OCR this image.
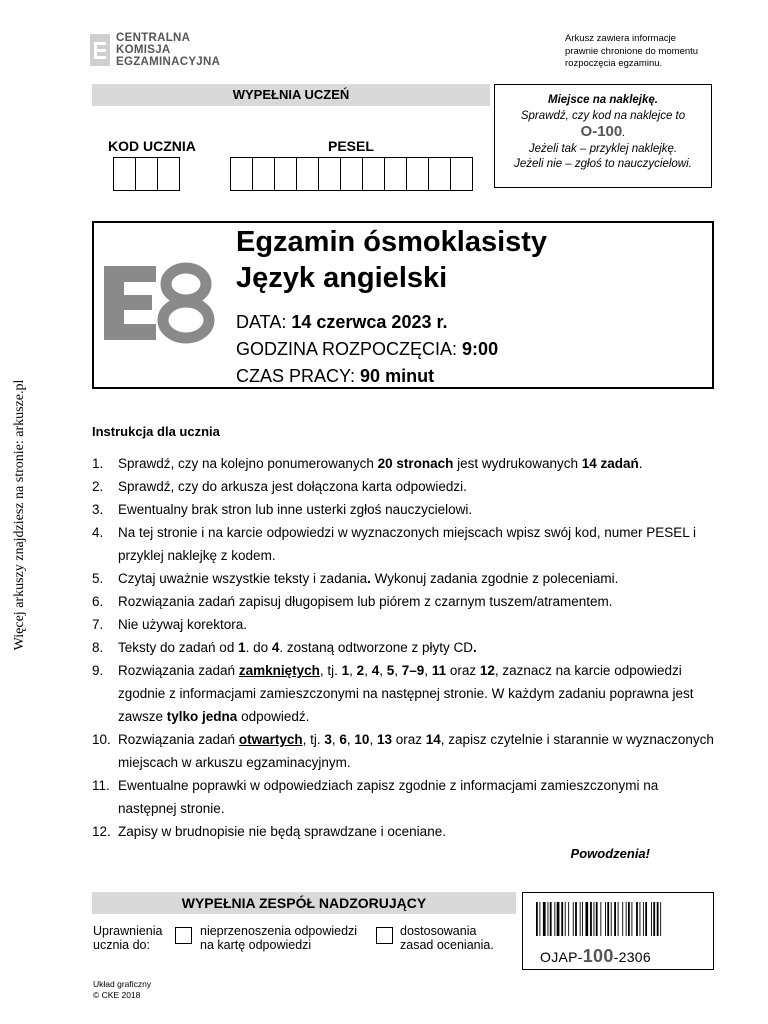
Więcej arkuszy znajdziesz na stronie: arkusze.pl
CENTRALNA
KOMISJA
EGZAMINACYJNA
Arkusz zawiera informacje
prawnie chronione do momentu
rozpoczęcia egzaminu.
WYPEŁNIA UCZEŃ
KOD UCZNIA	PESEL
Miejsce na naklejkę.
Sprawdź, czy kod na naklejce to
O-100.
Jeżeli tak – przyklej naklejkę.
Jeżeli nie – zgłoś to nauczycielowi.
Egzamin ósmoklasisty
Język angielski
DATA: 14 czerwca 2023 r.
GODZINA ROZPOCZĘCIA: 9:00
CZAS PRACY: 90 minut
Instrukcja dla ucznia
1.	Sprawdź, czy na kolejno ponumerowanych 20 stronach jest wydrukowanych 14 zadań.
2.	Sprawdź, czy do arkusza jest dołączona karta odpowiedzi.
3.	Ewentualny brak stron lub inne usterki zgłoś nauczycielowi.
4.	Na tej stronie i na karcie odpowiedzi w wyznaczonych miejscach wpisz swój kod, numer PESEL i przyklej naklejkę z kodem.
5.	Czytaj uważnie wszystkie teksty i zadania. Wykonuj zadania zgodnie z poleceniami.
6.	Rozwiązania zadań zapisuj długopisem lub piórem z czarnym tuszem/atramentem.
7.	Nie używaj korektora.
8.	Teksty do zadań od 1. do 4. zostaną odtworzone z płyty CD.
9.	Rozwiązania zadań zamkniętych, tj. 1, 2, 4, 5, 7–9, 11 oraz 12, zaznacz na karcie odpowiedzi zgodnie z informacjami zamieszczonymi na następnej stronie. W każdym zadaniu poprawna jest zawsze tylko jedna odpowiedź.
10. Rozwiązania zadań otwartych, tj. 3, 6, 10, 13 oraz 14, zapisz czytelnie i starannie w wyznaczonych miejscach w arkuszu egzaminacyjnym.
11. Ewentualne poprawki w odpowiedziach zapisz zgodnie z informacjami zamieszczonymi na następnej stronie.
12. Zapisy w brudnopisie nie będą sprawdzane i oceniane.
Powodzenia!
WYPEŁNIA ZESPÓŁ NADZORUJĄCY
Uprawnienia
ucznia do:
nieprzenoszenia odpowiedzi
na kartę odpowiedzi
dostosowania
zasad oceniania.
OJAP-100-2306
Układ graficzny
© CKE 2018
